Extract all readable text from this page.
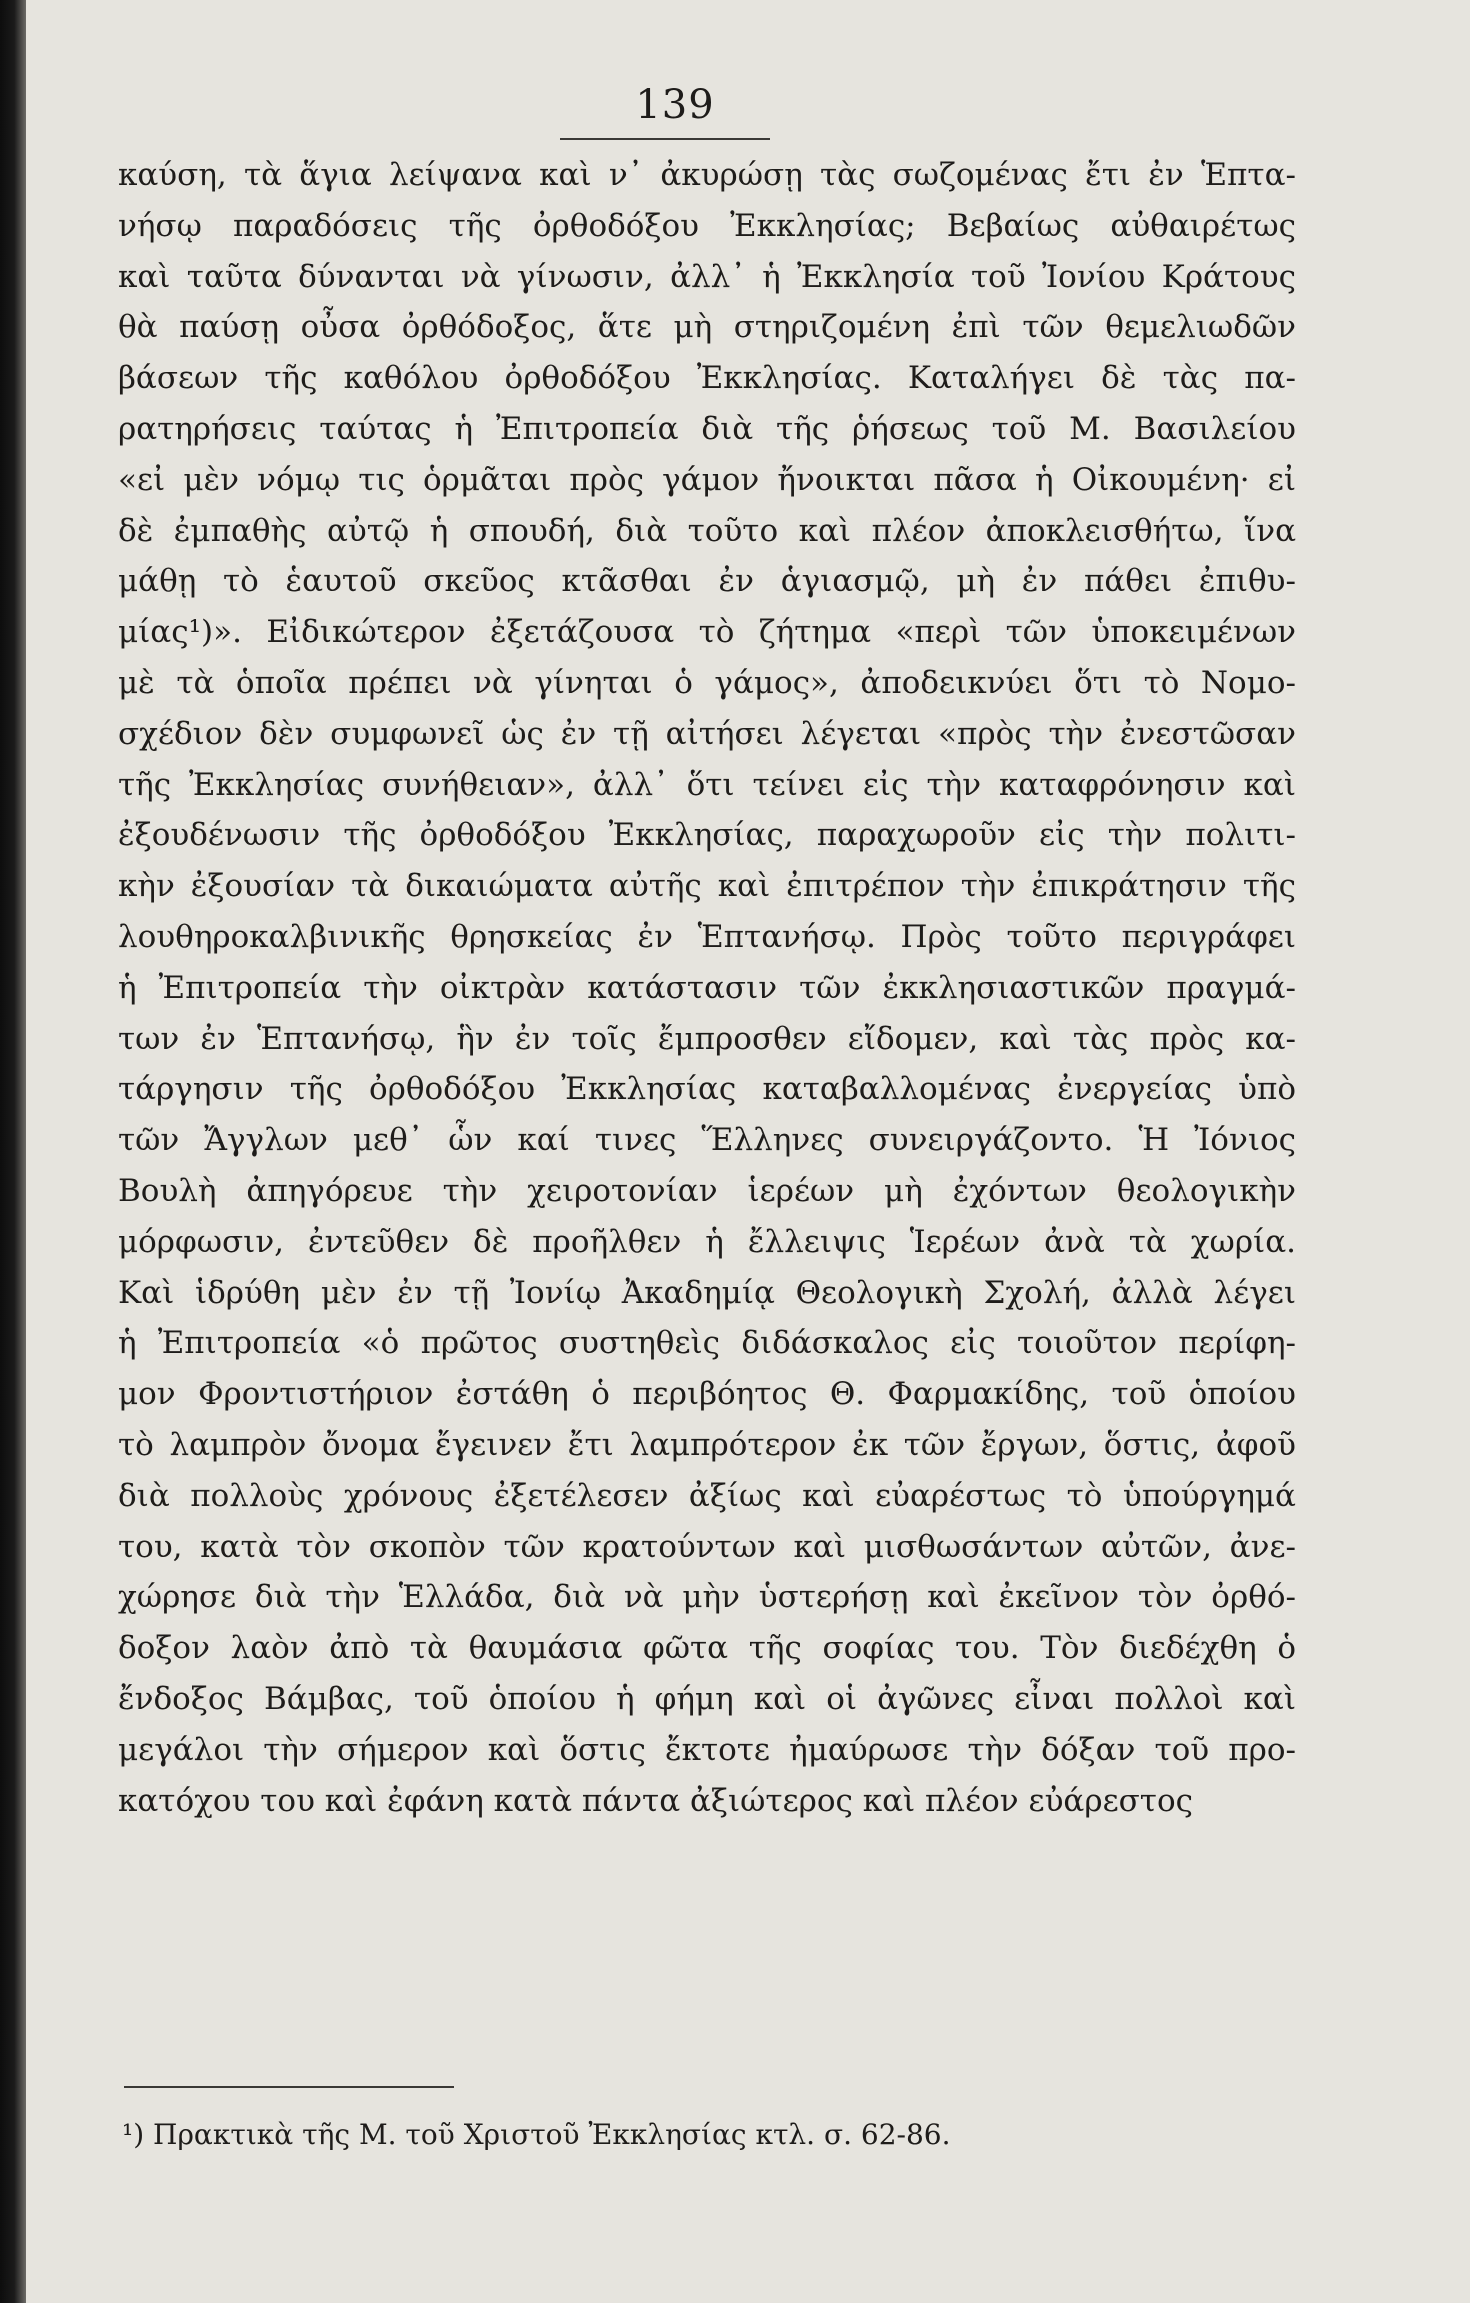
139
καύση, τὰ ἅγια λείψανα καὶ ν᾿ ἀκυρώσῃ τὰς σωζομένας ἔτι ἐν Ἑπτα-
νήσῳ παραδόσεις τῆς ὀρθοδόξου Ἐκκλησίας; Βεβαίως αὐθαιρέτως
καὶ ταῦτα δύνανται νὰ γίνωσιν, ἀλλ᾿ ἡ Ἐκκλησία τοῦ Ἰονίου Κράτους
θὰ παύσῃ οὖσα ὀρθόδοξος, ἅτε μὴ στηριζομένη ἐπὶ τῶν θεμελιωδῶν
βάσεων τῆς καθόλου ὀρθοδόξου Ἐκκλησίας. Καταλήγει δὲ τὰς πα-
ρατηρήσεις ταύτας ἡ Ἐπιτροπεία διὰ τῆς ῥήσεως τοῦ Μ. Βασιλείου
«εἰ μὲν νόμῳ τις ὁρμᾶται πρὸς γάμον ἤνοικται πᾶσα ἡ Οἰκουμένη· εἰ
δὲ ἐμπαθὴς αὐτῷ ἡ σπουδή, διὰ τοῦτο καὶ πλέον ἀποκλεισθήτω, ἵνα
μάθῃ τὸ ἑαυτοῦ σκεῦος κτᾶσθαι ἐν ἁγιασμῷ, μὴ ἐν πάθει ἐπιθυ-
μίας¹)». Εἰδικώτερον ἐξετάζουσα τὸ ζήτημα «περὶ τῶν ὑποκειμένων
μὲ τὰ ὁποῖα πρέπει νὰ γίνηται ὁ γάμος», ἀποδεικνύει ὅτι τὸ Νομο-
σχέδιον δὲν συμφωνεῖ ὡς ἐν τῇ αἰτήσει λέγεται «πρὸς τὴν ἐνεστῶσαν
τῆς Ἐκκλησίας συνήθειαν», ἀλλ᾿ ὅτι τείνει εἰς τὴν καταφρόνησιν καὶ
ἐξουδένωσιν τῆς ὀρθοδόξου Ἐκκλησίας, παραχωροῦν εἰς τὴν πολιτι-
κὴν ἐξουσίαν τὰ δικαιώματα αὐτῆς καὶ ἐπιτρέπον τὴν ἐπικράτησιν τῆς
λουθηροκαλβινικῆς θρησκείας ἐν Ἑπτανήσῳ. Πρὸς τοῦτο περιγράφει
ἡ Ἐπιτροπεία τὴν οἰκτρὰν κατάστασιν τῶν ἐκκλησιαστικῶν πραγμά-
των ἐν Ἑπτανήσῳ, ἣν ἐν τοῖς ἔμπροσθεν εἴδομεν, καὶ τὰς πρὸς κα-
τάργησιν τῆς ὀρθοδόξου Ἐκκλησίας καταβαλλομένας ἐνεργείας ὑπὸ
τῶν Ἄγγλων μεθ᾿ ὧν καί τινες Ἕλληνες συνειργάζοντο. Ἡ Ἰόνιος
Βουλὴ ἀπηγόρευε τὴν χειροτονίαν ἱερέων μὴ ἐχόντων θεολογικὴν
μόρφωσιν, ἐντεῦθεν δὲ προῆλθεν ἡ ἔλλειψις Ἱερέων ἀνὰ τὰ χωρία.
Καὶ ἱδρύθη μὲν ἐν τῇ Ἰονίῳ Ἀκαδημίᾳ Θεολογικὴ Σχολή, ἀλλὰ λέγει
ἡ Ἐπιτροπεία «ὁ πρῶτος συστηθεὶς διδάσκαλος εἰς τοιοῦτον περίφη-
μον Φροντιστήριον ἐστάθη ὁ περιβόητος Θ. Φαρμακίδης, τοῦ ὁποίου
τὸ λαμπρὸν ὄνομα ἔγεινεν ἔτι λαμπρότερον ἐκ τῶν ἔργων, ὅστις, ἀφοῦ
διὰ πολλοὺς χρόνους ἐξετέλεσεν ἀξίως καὶ εὐαρέστως τὸ ὑπούργημά
του, κατὰ τὸν σκοπὸν τῶν κρατούντων καὶ μισθωσάντων αὐτῶν, ἀνε-
χώρησε διὰ τὴν Ἑλλάδα, διὰ νὰ μὴν ὑστερήσῃ καὶ ἐκεῖνον τὸν ὀρθό-
δοξον λαὸν ἀπὸ τὰ θαυμάσια φῶτα τῆς σοφίας του. Τὸν διεδέχθη ὁ
ἔνδοξος Βάμβας, τοῦ ὁποίου ἡ φήμη καὶ οἱ ἀγῶνες εἶναι πολλοὶ καὶ
μεγάλοι τὴν σήμερον καὶ ὅστις ἔκτοτε ἠμαύρωσε τὴν δόξαν τοῦ προ-
κατόχου του καὶ ἐφάνη κατὰ πάντα ἀξιώτερος καὶ πλέον εὐάρεστος
¹) Πρακτικὰ τῆς Μ. τοῦ Χριστοῦ Ἐκκλησίας κτλ. σ. 62-86.
